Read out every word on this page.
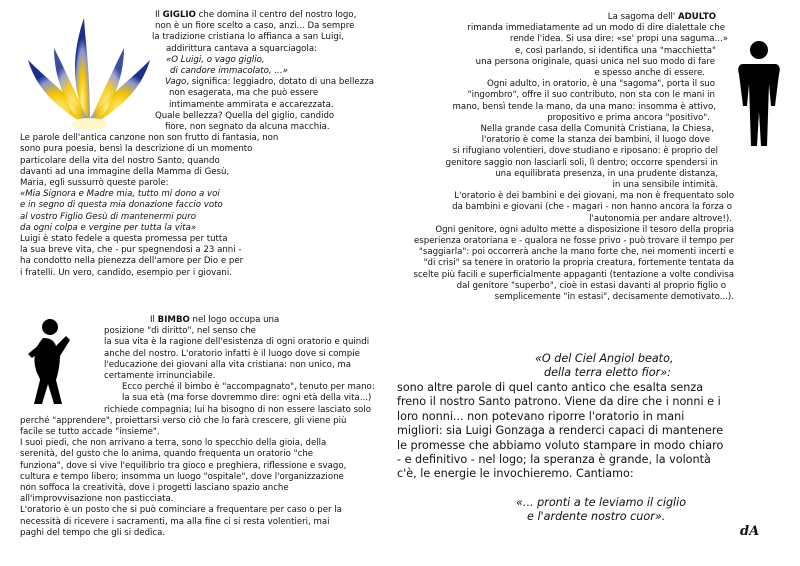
Il GIGLIO che domina il centro del nostro logo,
non è un fiore scelto a caso, anzi... Da sempre
la tradizione cristiana lo affianca a san Luigi,
addirittura cantava a squarciagola:
«O Luigi, o vago giglio,
di candore immacolato, ...»
Vago, significa: leggiadro, dotato di una bellezza
non esagerata, ma che può essere
intimamente ammirata e accarezzata.
Quale bellezza? Quella del giglio, candido
fiore, non segnato da alcuna macchia.
Le parole dell'antica canzone non son frutto di fantasia, non
sono pura poesia, bensì la descrizione di un momento
particolare della vita del nostro Santo, quando
davanti ad una immagine della Mamma di Gesù,
Maria, egli sussurrò queste parole:
«Mia Signora e Madre mia, tutto mi dono a voi
e in segno di questa mia donazione faccio voto
al vostro Figlio Gesù di mantenermi puro
da ogni colpa e vergine per tutta la vita»
Luigi è stato fedele a questa promessa per tutta
la sua breve vita, che - pur spegnendosi a 23 anni -
ha condotto nella pienezza dell'amore per Dio e per
i fratelli. Un vero, candido, esempio per i giovani.
Il BIMBO nel logo occupa una
posizione "di diritto", nel senso che
la sua vita è la ragione dell'esistenza di ogni oratorio e quindi
anche del nostro. L'oratorio infatti è il luogo dove si compie
l'educazione dei giovani alla vita cristiana: non unico, ma
certamente irrinunciabile.
Ecco perché il bimbo è "accompagnato", tenuto per mano:
la sua età (ma forse dovremmo dire: ogni età della vita...)
richiede compagnia; lui ha bisogno di non essere lasciato solo
perché "apprendere", proiettarsi verso ciò che lo farà crescere, gli viene più
facile se tutto accade "insieme".
I suoi piedi, che non arrivano a terra, sono lo specchio della gioia, della
serenità, del gusto che lo anima, quando frequenta un oratorio "che
funziona", dove si vive l'equilibrio tra gioco e preghiera, riflessione e svago,
cultura e tempo libero; insomma un luogo "ospitale", dove l'organizzazione
non soffoca la creatività, dove i progetti lasciano spazio anche
all'improvvisazione non pasticciata.
L'oratorio è un posto che si può cominciare a frequentare per caso o per la
necessità di ricevere i sacramenti, ma alla fine ci si resta volentieri, mai
paghi del tempo che gli si dedica.
La sagoma dell' ADULTO
rimanda immediatamente ad un modo di dire dialettale che
rende l'idea. Si usa dire: «se' propi una saguma...»
e, così parlando, si identifica una "macchietta"
una persona originale, quasi unica nel suo modo di fare
e spesso anche di essere.
Ogni adulto, in oratorio, è una "sagoma", porta il suo
"ingombro", offre il suo contributo, non sta con le mani in
mano, bensì tende la mano, da una mano: insomma è attivo,
propositivo e prima ancora "positivo".
Nella grande casa della Comunità Cristiana, la Chiesa,
l'oratorio è come la stanza dei bambini, il luogo dove
si rifugiano volentieri, dove studiano e riposano: è proprio del
genitore saggio non lasciarli soli, lì dentro; occorre spendersi in
una equilibrata presenza, in una prudente distanza,
in una sensibile intimità.
L'oratorio è dei bambini e dei giovani, ma non è frequentato solo
da bambini e giovani (che - magari - non hanno ancora la forza o
l'autonomia per andare altrove!).
Ogni genitore, ogni adulto mette a disposizione il tesoro della propria
esperienza oratoriana e - qualora ne fosse privo - può trovare il tempo per
"saggiarla": poi occorrerà anche la mano forte che, nei momenti incerti e
"di crisi" sa tenere in oratorio la propria creatura, fortemente tentata da
scelte più facili e superficialmente appaganti (tentazione a volte condivisa
dal genitore "superbo", cioè in estasi davanti al proprio figlio o
semplicemente "in estasi", decisamente demotivato...).
«O del Ciel Angiol beato,
della terra eletto fior»:
sono altre parole di quel canto antico che esalta senza
freno il nostro Santo patrono. Viene da dire che i nonni e i
loro nonni... non potevano riporre l'oratorio in mani
migliori: sia Luigi Gonzaga a renderci capaci di mantenere
le promesse che abbiamo voluto stampare in modo chiaro
- e definitivo - nel logo; la speranza è grande, la volontà
c'è, le energie le invochieremo. Cantiamo:
«... pronti a te leviamo il ciglio
e l'ardente nostro cuor».
dA
